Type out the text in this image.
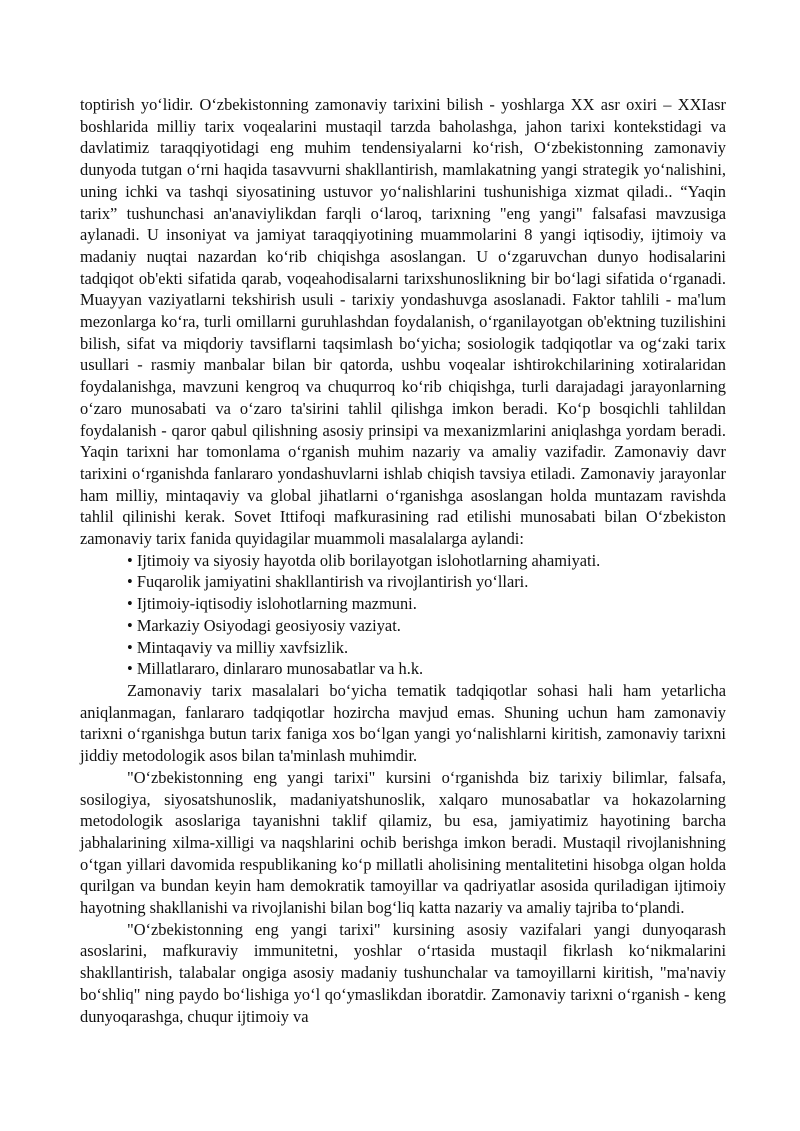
toptirish yo‘lidir. O‘zbekistonning zamonaviy tarixini bilish - yoshlarga XX asr oxiri – XXIasr boshlarida milliy tarix voqealarini mustaqil tarzda baholashga, jahon tarixi kontekstidagi va davlatimiz taraqqiyotidagi eng muhim tendensiyalarni ko‘rish, O‘zbekistonning zamonaviy dunyoda tutgan o‘rni haqida tasavvurni shakllantirish, mamlakatning yangi strategik yo‘nalishini, uning ichki va tashqi siyosatining ustuvor yo‘nalishlarini tushunishiga xizmat qiladi.. “Yaqin tarix” tushunchasi an'anaviylikdan farqli o‘laroq, tarixning "eng yangi" falsafasi mavzusiga aylanadi. U insoniyat va jamiyat taraqqiyotining muammolarini 8 yangi iqtisodiy, ijtimoiy va madaniy nuqtai nazardan ko‘rib chiqishga asoslangan. U o‘zgaruvchan dunyo hodisalarini tadqiqot ob'ekti sifatida qarab, voqeahodisalarni tarixshunoslikning bir bo‘lagi sifatida o‘rganadi. Muayyan vaziyatlarni tekshirish usuli - tarixiy yondashuvga asoslanadi. Faktor tahlili - ma'lum mezonlarga ko‘ra, turli omillarni guruhlashdan foydalanish, o‘rganilayotgan ob'ektning tuzilishini bilish, sifat va miqdoriy tavsiflarni taqsimlash bo‘yicha; sosiologik tadqiqotlar va og‘zaki tarix usullari - rasmiy manbalar bilan bir qatorda, ushbu voqealar ishtirokchilarining xotiralaridan foydalanishga, mavzuni kengroq va chuqurroq ko‘rib chiqishga, turli darajadagi jarayonlarning o‘zaro munosabati va o‘zaro ta'sirini tahlil qilishga imkon beradi. Ko‘p bosqichli tahlildan foydalanish - qaror qabul qilishning asosiy prinsipi va mexanizmlarini aniqlashga yordam beradi. Yaqin tarixni har tomonlama o‘rganish muhim nazariy va amaliy vazifadir. Zamonaviy davr tarixini o‘rganishda fanlararo yondashuvlarni ishlab chiqish tavsiya etiladi. Zamonaviy jarayonlar ham milliy, mintaqaviy va global jihatlarni o‘rganishga asoslangan holda muntazam ravishda tahlil qilinishi kerak. Sovet Ittifoqi mafkurasining rad etilishi munosabati bilan O‘zbekiston zamonaviy tarix fanida quyidagilar muammoli masalalarga aylandi:

• Ijtimoiy va siyosiy hayotda olib borilayotgan islohotlarning ahamiyati.
• Fuqarolik jamiyatini shakllantirish va rivojlantirish yo‘llari.
• Ijtimoiy-iqtisodiy islohotlarning mazmuni.
• Markaziy Osiyodagi geosiyosiy vaziyat.
• Mintaqaviy va milliy xavfsizlik.
• Millatlararo, dinlararo munosabatlar va h.k.

Zamonaviy tarix masalalari bo‘yicha tematik tadqiqotlar sohasi hali ham yetarlicha aniqlanmagan, fanlararo tadqiqotlar hozircha mavjud emas. Shuning uchun ham zamonaviy tarixni o‘rganishga butun tarix faniga xos bo‘lgan yangi yo‘nalishlarni kiritish, zamonaviy tarixni jiddiy metodologik asos bilan ta'minlash muhimdir.

"O‘zbekistonning eng yangi tarixi" kursini o‘rganishda biz tarixiy bilimlar, falsafa, sosilogiya, siyosatshunoslik, madaniyatshunoslik, xalqaro munosabatlar va hokazolarning metodologik asoslariga tayanishni taklif qilamiz, bu esa, jamiyatimiz hayotining barcha jabhalarining xilma-xilligi va naqshlarini ochib berishga imkon beradi. Mustaqil rivojlanishning o‘tgan yillari davomida respublikaning ko‘p millatli aholisining mentalitetini hisobga olgan holda qurilgan va bundan keyin ham demokratik tamoyillar va qadriyatlar asosida quriladigan ijtimoiy hayotning shakllanishi va rivojlanishi bilan bog‘liq katta nazariy va amaliy tajriba to‘plandi.

"O‘zbekistonning eng yangi tarixi" kursining asosiy vazifalari yangi dunyoqarash asoslarini, mafkuraviy immunitetni, yoshlar o‘rtasida mustaqil fikrlash ko‘nikmalarini shakllantirish, talabalar ongiga asosiy madaniy tushunchalar va tamoyillarni kiritish, "ma'naviy bo‘shliq" ning paydo bo‘lishiga yo‘l qo‘ymaslikdan iboratdir. Zamonaviy tarixni o‘rganish - keng dunyoqarashga, chuqur ijtimoiy va
